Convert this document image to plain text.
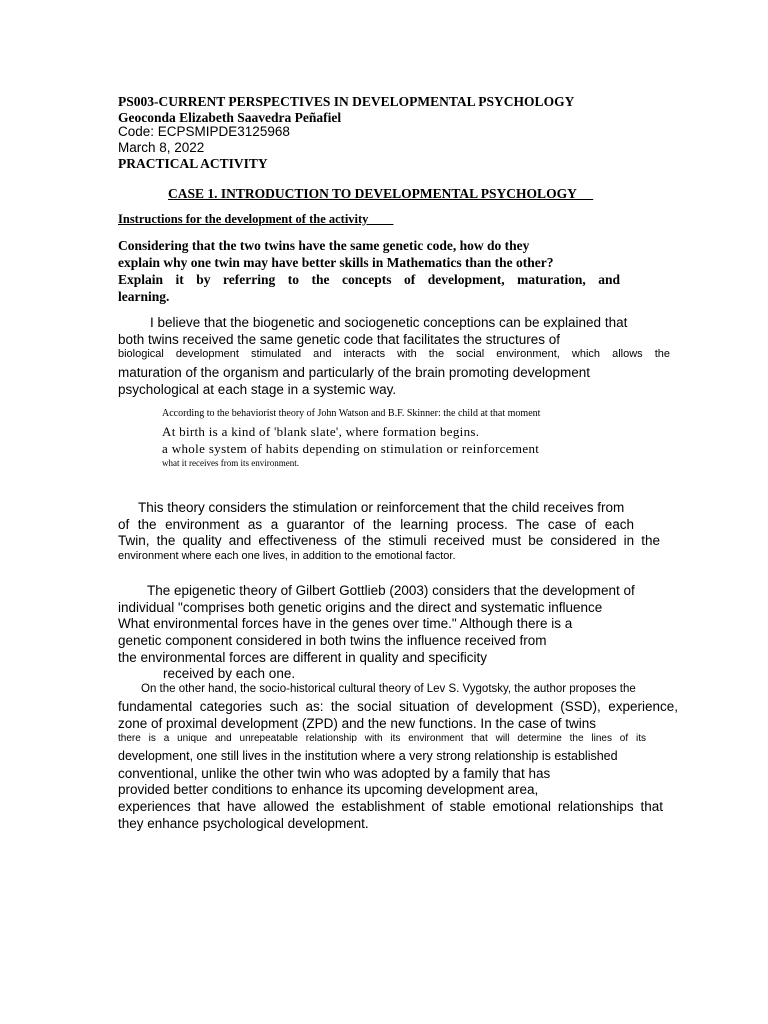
PS003-CURRENT PERSPECTIVES IN DEVELOPMENTAL PSYCHOLOGY

Geoconda Elizabeth Saavedra Peñafiel

Code: ECPSMIPDE3125968

March 8, 2022

PRACTICAL ACTIVITY

CASE 1. INTRODUCTION TO DEVELOPMENTAL PSYCHOLOGY

Instructions for the development of the activity

Considering that the two twins have the same genetic code, how do they

explain why one twin may have better skills in Mathematics than the other?

Explain it by referring to the concepts of development, maturation, and

learning.

I believe that the biogenetic and sociogenetic conceptions can be explained that

both twins received the same genetic code that facilitates the structures of

biological development stimulated and interacts with the social environment, which allows the

maturation of the organism and particularly of the brain promoting development

psychological at each stage in a systemic way.

According to the behaviorist theory of John Watson and B.F. Skinner: the child at that moment

At birth is a kind of 'blank slate', where formation begins.

a whole system of habits depending on stimulation or reinforcement

what it receives from its environment.

This theory considers the stimulation or reinforcement that the child receives from

of the environment as a guarantor of the learning process. The case of each

Twin, the quality and effectiveness of the stimuli received must be considered in the

environment where each one lives, in addition to the emotional factor.

The epigenetic theory of Gilbert Gottlieb (2003) considers that the development of

individual "comprises both genetic origins and the direct and systematic influence

What environmental forces have in the genes over time." Although there is a

genetic component considered in both twins the influence received from

the environmental forces are different in quality and specificity

received by each one.

On the other hand, the socio-historical cultural theory of Lev S. Vygotsky, the author proposes the

fundamental categories such as: the social situation of development (SSD), experience,

zone of proximal development (ZPD) and the new functions. In the case of twins

there is a unique and unrepeatable relationship with its environment that will determine the lines of its

development, one still lives in the institution where a very strong relationship is established

conventional, unlike the other twin who was adopted by a family that has

provided better conditions to enhance its upcoming development area,

experiences that have allowed the establishment of stable emotional relationships that

they enhance psychological development.
